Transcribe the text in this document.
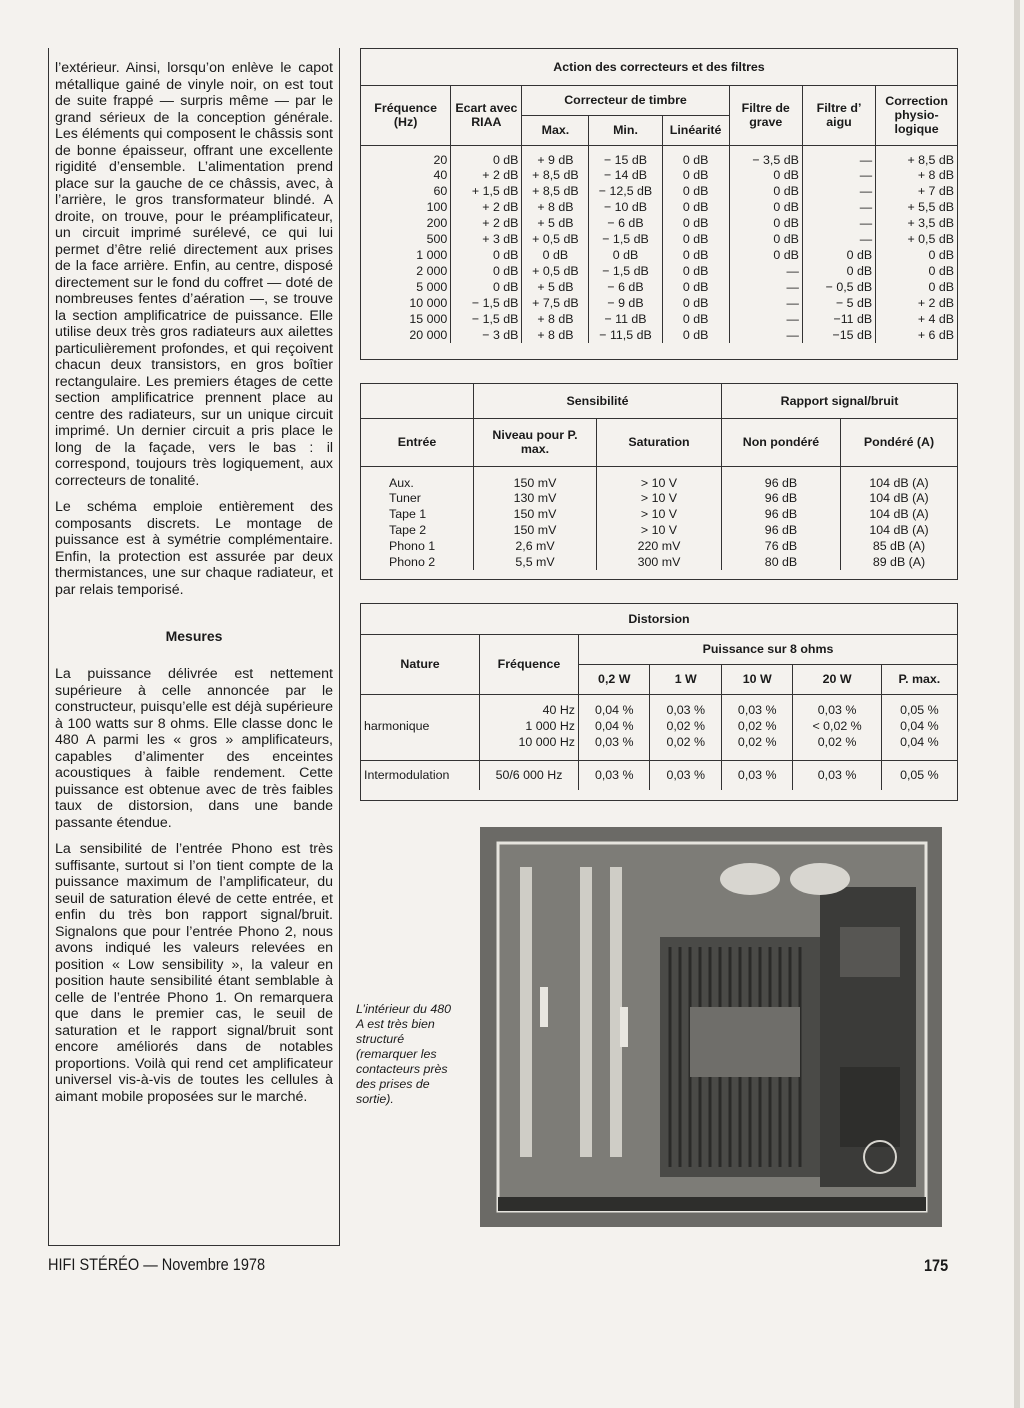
l’extérieur. Ainsi, lorsqu’on enlève le capot métallique gainé de vinyle noir, on est tout de suite frappé — surpris même — par le grand sérieux de la conception générale. Les éléments qui composent le châssis sont de bonne épaisseur, offrant une excellente rigidité d’ensemble. L’alimentation prend place sur la gauche de ce châssis, avec, à l’arrière, le gros transformateur blindé. A droite, on trouve, pour le préamplificateur, un circuit imprimé surélevé, ce qui lui permet d’être relié directement aux prises de la face arrière. Enfin, au centre, disposé directement sur le fond du coffret — doté de nombreuses fentes d’aération —, se trouve la section amplificatrice de puissance. Elle utilise deux très gros radiateurs aux ailettes particulièrement profondes, et qui reçoivent chacun deux transistors, en gros boîtier rectangulaire. Les premiers étages de cette section amplificatrice prennent place au centre des radiateurs, sur un unique circuit imprimé. Un dernier circuit a pris place le long de la façade, vers le bas : il correspond, toujours très logiquement, aux correcteurs de tonalité.

Le schéma emploie entièrement des composants discrets. Le montage de puissance est à symétrie complémentaire. Enfin, la protection est assurée par deux thermistances, une sur chaque radiateur, et par relais temporisé.

Mesures

La puissance délivrée est nettement supérieure à celle annoncée par le constructeur, puisqu’elle est déjà supérieure à 100 watts sur 8 ohms. Elle classe donc le 480 A parmi les « gros » amplificateurs, capables d’alimenter des enceintes acoustiques à faible rendement. Cette puissance est obtenue avec de très faibles taux de distorsion, dans une bande passante étendue.

La sensibilité de l’entrée Phono est très suffisante, surtout si l’on tient compte de la puissance maximum de l’amplificateur, du seuil de saturation élevé de cette entrée, et enfin du très bon rapport signal/bruit. Signalons que pour l’entrée Phono 2, nous avons indiqué les valeurs relevées en position « Low sensibility », la valeur en position haute sensibilité étant semblable à celle de l’entrée Phono 1. On remarquera que dans le premier cas, le seuil de saturation et le rapport signal/bruit sont encore améliorés dans de notables proportions. Voilà qui rend cet amplificateur universel vis-à-vis de toutes les cellules à aimant mobile proposées sur le marché.

Action des correcteurs et des filtres							
Fréquence (Hz)	Ecart avec RIAA	Correcteur de timbre			Filtre de grave	Filtre d’ aigu	Correction physio- logique
		Max.	Min.	Linéarité			
20	0 dB	+ 9 dB	− 15 dB	0 dB	− 3,5 dB	—	+ 8,5 dB
40	+ 2 dB	+ 8,5 dB	− 14 dB	0 dB	0 dB	—	+ 8 dB
60	+ 1,5 dB	+ 8,5 dB	− 12,5 dB	0 dB	0 dB	—	+ 7 dB
100	+ 2 dB	+ 8 dB	− 10 dB	0 dB	0 dB	—	+ 5,5 dB
200	+ 2 dB	+ 5 dB	− 6 dB	0 dB	0 dB	—	+ 3,5 dB
500	+ 3 dB	+ 0,5 dB	− 1,5 dB	0 dB	0 dB	—	+ 0,5 dB
1 000	0 dB	0 dB	0 dB	0 dB	0 dB	0 dB	0 dB
2 000	0 dB	+ 0,5 dB	− 1,5 dB	0 dB	—	0 dB	0 dB
5 000	0 dB	+ 5 dB	− 6 dB	0 dB	—	− 0,5 dB	0 dB
10 000	− 1,5 dB	+ 7,5 dB	− 9 dB	0 dB	—	− 5 dB	+ 2 dB
15 000	− 1,5 dB	+ 8 dB	− 11 dB	0 dB	—	−11 dB	+ 4 dB
20 000	− 3 dB	+ 8 dB	− 11,5 dB	0 dB	—	−15 dB	+ 6 dB
	Sensibilité		Rapport signal/bruit	
Entrée	Niveau pour P. max.	Saturation	Non pondéré	Pondéré (A)
Aux.	150 mV	> 10 V	96 dB	104 dB (A)
Tuner	130 mV	> 10 V	96 dB	104 dB (A)
Tape 1	150 mV	> 10 V	96 dB	104 dB (A)
Tape 2	150 mV	> 10 V	96 dB	104 dB (A)
Phono 1	2,6 mV	220 mV	76 dB	85 dB (A)
Phono 2	5,5 mV	300 mV	80 dB	89 dB (A)
Distorsion						
Nature	Fréquence	Puissance sur 8 ohms				
		0,2 W	1 W	10 W	20 W	P. max.

harmonique	40 Hz	0,04 %	0,03 %	0,03 %	0,03 %	0,05 %
	1 000 Hz	0,04 %	0,02 %	0,02 %	< 0,02 %	0,04 %
	10 000 Hz	0,03 %	0,02 %	0,02 %	0,02 %	0,04 %

Intermodulation	50/6 000 Hz	0,03 %	0,03 %	0,03 %	0,03 %	0,05 %
L’intérieur du 480 A est très bien structuré (remarquer les contacteurs près des prises de sortie).
HIFI STÉRÉO — Novembre 1978	175
